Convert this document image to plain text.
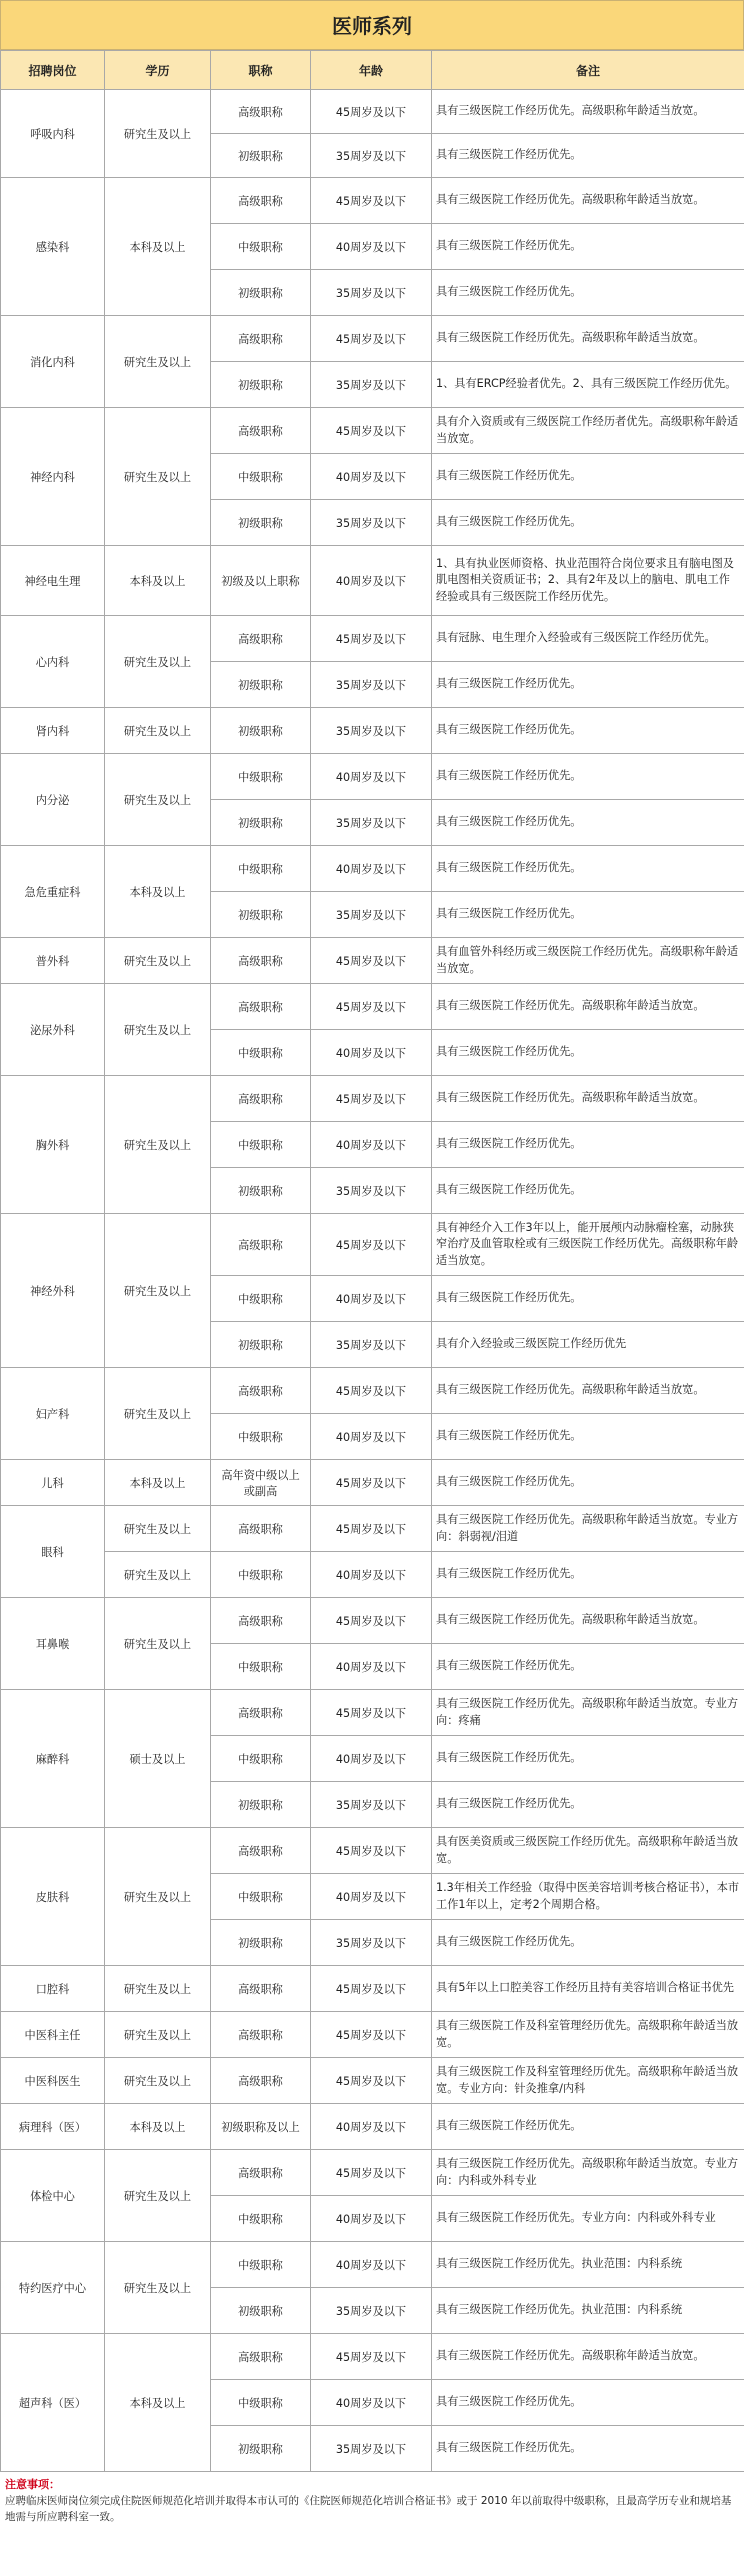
医师系列
招聘岗位	学历	职称	年龄	备注
呼吸内科	研究生及以上	高级职称	45周岁及以下	具有三级医院工作经历优先。高级职称年龄适当放宽。
		初级职称	35周岁及以下	具有三级医院工作经历优先。
感染科	本科及以上	高级职称	45周岁及以下	具有三级医院工作经历优先。高级职称年龄适当放宽。
		中级职称	40周岁及以下	具有三级医院工作经历优先。
		初级职称	35周岁及以下	具有三级医院工作经历优先。
消化内科	研究生及以上	高级职称	45周岁及以下	具有三级医院工作经历优先。高级职称年龄适当放宽。
		初级职称	35周岁及以下	1、具有ERCP经验者优先。2、具有三级医院工作经历优先。
神经内科	研究生及以上	高级职称	45周岁及以下	具有介入资质或有三级医院工作经历者优先。高级职称年龄适当放宽。
		中级职称	40周岁及以下	具有三级医院工作经历优先。
		初级职称	35周岁及以下	具有三级医院工作经历优先。
神经电生理	本科及以上	初级及以上职称	40周岁及以下	1、具有执业医师资格、执业范围符合岗位要求且有脑电图及肌电图相关资质证书；2、具有2年及以上的脑电、肌电工作经验或具有三级医院工作经历优先。
心内科	研究生及以上	高级职称	45周岁及以下	具有冠脉、电生理介入经验或有三级医院工作经历优先。
		初级职称	35周岁及以下	具有三级医院工作经历优先。
肾内科	研究生及以上	初级职称	35周岁及以下	具有三级医院工作经历优先。
内分泌	研究生及以上	中级职称	40周岁及以下	具有三级医院工作经历优先。
		初级职称	35周岁及以下	具有三级医院工作经历优先。
急危重症科	本科及以上	中级职称	40周岁及以下	具有三级医院工作经历优先。
		初级职称	35周岁及以下	具有三级医院工作经历优先。
普外科	研究生及以上	高级职称	45周岁及以下	具有血管外科经历或三级医院工作经历优先。高级职称年龄适当放宽。
泌尿外科	研究生及以上	高级职称	45周岁及以下	具有三级医院工作经历优先。高级职称年龄适当放宽。
		中级职称	40周岁及以下	具有三级医院工作经历优先。
胸外科	研究生及以上	高级职称	45周岁及以下	具有三级医院工作经历优先。高级职称年龄适当放宽。
		中级职称	40周岁及以下	具有三级医院工作经历优先。
		初级职称	35周岁及以下	具有三级医院工作经历优先。
神经外科	研究生及以上	高级职称	45周岁及以下	具有神经介入工作3年以上，能开展颅内动脉瘤栓塞，动脉狭窄治疗及血管取栓或有三级医院工作经历优先。高级职称年龄适当放宽。
		中级职称	40周岁及以下	具有三级医院工作经历优先。
		初级职称	35周岁及以下	具有介入经验或三级医院工作经历优先
妇产科	研究生及以上	高级职称	45周岁及以下	具有三级医院工作经历优先。高级职称年龄适当放宽。
		中级职称	40周岁及以下	具有三级医院工作经历优先。
儿科	本科及以上	高年资中级以上或副高	45周岁及以下	具有三级医院工作经历优先。
眼科	研究生及以上	高级职称	45周岁及以下	具有三级医院工作经历优先。高级职称年龄适当放宽。专业方向：斜弱视/泪道
	研究生及以上	中级职称	40周岁及以下	具有三级医院工作经历优先。
耳鼻喉	研究生及以上	高级职称	45周岁及以下	具有三级医院工作经历优先。高级职称年龄适当放宽。
		中级职称	40周岁及以下	具有三级医院工作经历优先。
麻醉科	硕士及以上	高级职称	45周岁及以下	具有三级医院工作经历优先。高级职称年龄适当放宽。专业方向：疼痛
		中级职称	40周岁及以下	具有三级医院工作经历优先。
		初级职称	35周岁及以下	具有三级医院工作经历优先。
皮肤科	研究生及以上	高级职称	45周岁及以下	具有医美资质或三级医院工作经历优先。高级职称年龄适当放宽。
		中级职称	40周岁及以下	1.3年相关工作经验（取得中医美容培训考核合格证书），本市工作1年以上，定考2个周期合格。
		初级职称	35周岁及以下	具有三级医院工作经历优先。
口腔科	研究生及以上	高级职称	45周岁及以下	具有5年以上口腔美容工作经历且持有美容培训合格证书优先
中医科主任	研究生及以上	高级职称	45周岁及以下	具有三级医院工作及科室管理经历优先。高级职称年龄适当放宽。
中医科医生	研究生及以上	高级职称	45周岁及以下	具有三级医院工作及科室管理经历优先。高级职称年龄适当放宽。专业方向：针灸推拿/内科
病理科（医）	本科及以上	初级职称及以上	40周岁及以下	具有三级医院工作经历优先。
体检中心	研究生及以上	高级职称	45周岁及以下	具有三级医院工作经历优先。高级职称年龄适当放宽。专业方向：内科或外科专业
		中级职称	40周岁及以下	具有三级医院工作经历优先。专业方向：内科或外科专业
特约医疗中心	研究生及以上	中级职称	40周岁及以下	具有三级医院工作经历优先。执业范围：内科系统
		初级职称	35周岁及以下	具有三级医院工作经历优先。执业范围：内科系统
超声科（医）	本科及以上	高级职称	45周岁及以下	具有三级医院工作经历优先。高级职称年龄适当放宽。
		中级职称	40周岁及以下	具有三级医院工作经历优先。
		初级职称	35周岁及以下	具有三级医院工作经历优先。
注意事项：
应聘临床医师岗位须完成住院医师规范化培训并取得本市认可的《住院医师规范化培训合格证书》或于 2010 年以前取得中级职称，且最高学历专业和规培基地需与所应聘科室一致。
